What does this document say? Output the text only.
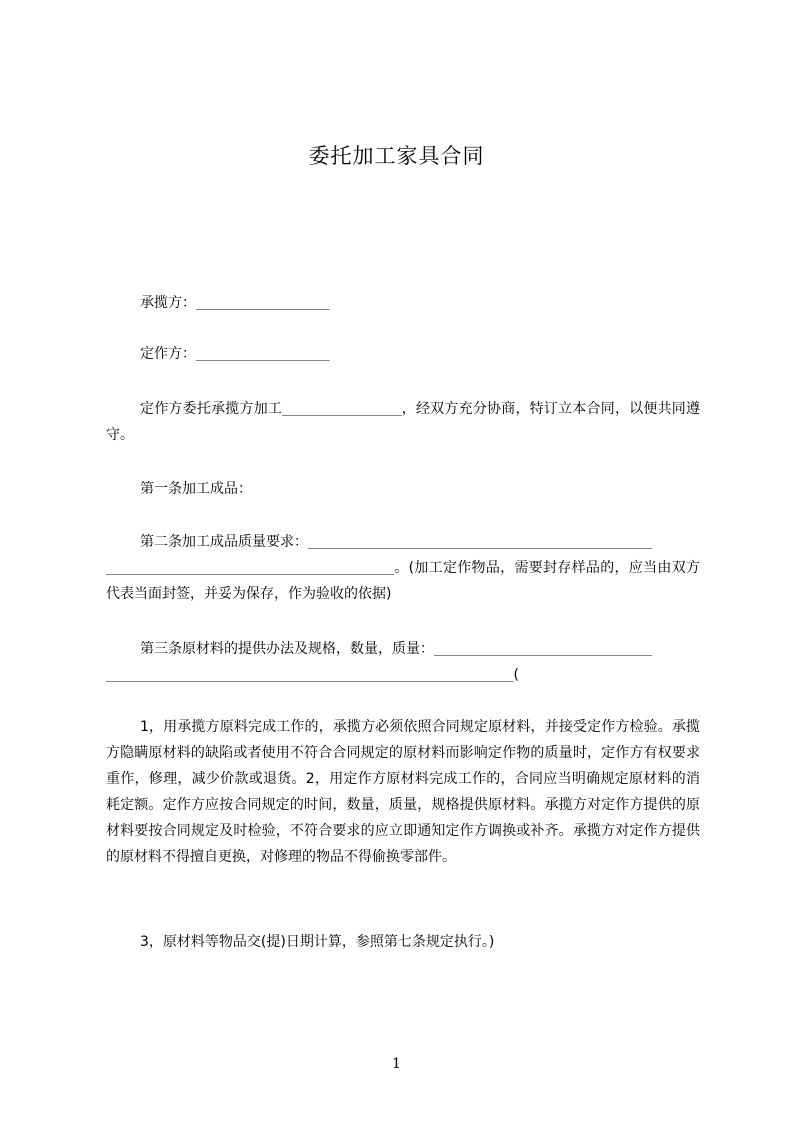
委托加工家具合同

承揽方：___________________

定作方：___________________

定作方委托承揽方加工_________________，经双方充分协商，特订立本合同，以便共同遵守。

第一条加工成品：

第二条加工成品质量要求：_________________________________________________
_________________________________________。(加工定作物品，需要封存样品的，应当由双方代表当面封签，并妥为保存，作为验收的依据)

第三条原材料的提供办法及规格，数量，质量：_______________________________
__________________________________________________________(

1，用承揽方原料完成工作的，承揽方必须依照合同规定原材料，并接受定作方检验。承揽方隐瞒原材料的缺陷或者使用不符合合同规定的原材料而影响定作物的质量时，定作方有权要求重作，修理，减少价款或退货。2，用定作方原材料完成工作的，合同应当明确规定原材料的消耗定额。定作方应按合同规定的时间，数量，质量，规格提供原材料。承揽方对定作方提供的原材料要按合同规定及时检验，不符合要求的应立即通知定作方调换或补齐。承揽方对定作方提供的原材料不得擅自更换，对修理的物品不得偷换零部件。

3，原材料等物品交(提)日期计算，参照第七条规定执行。)

1
